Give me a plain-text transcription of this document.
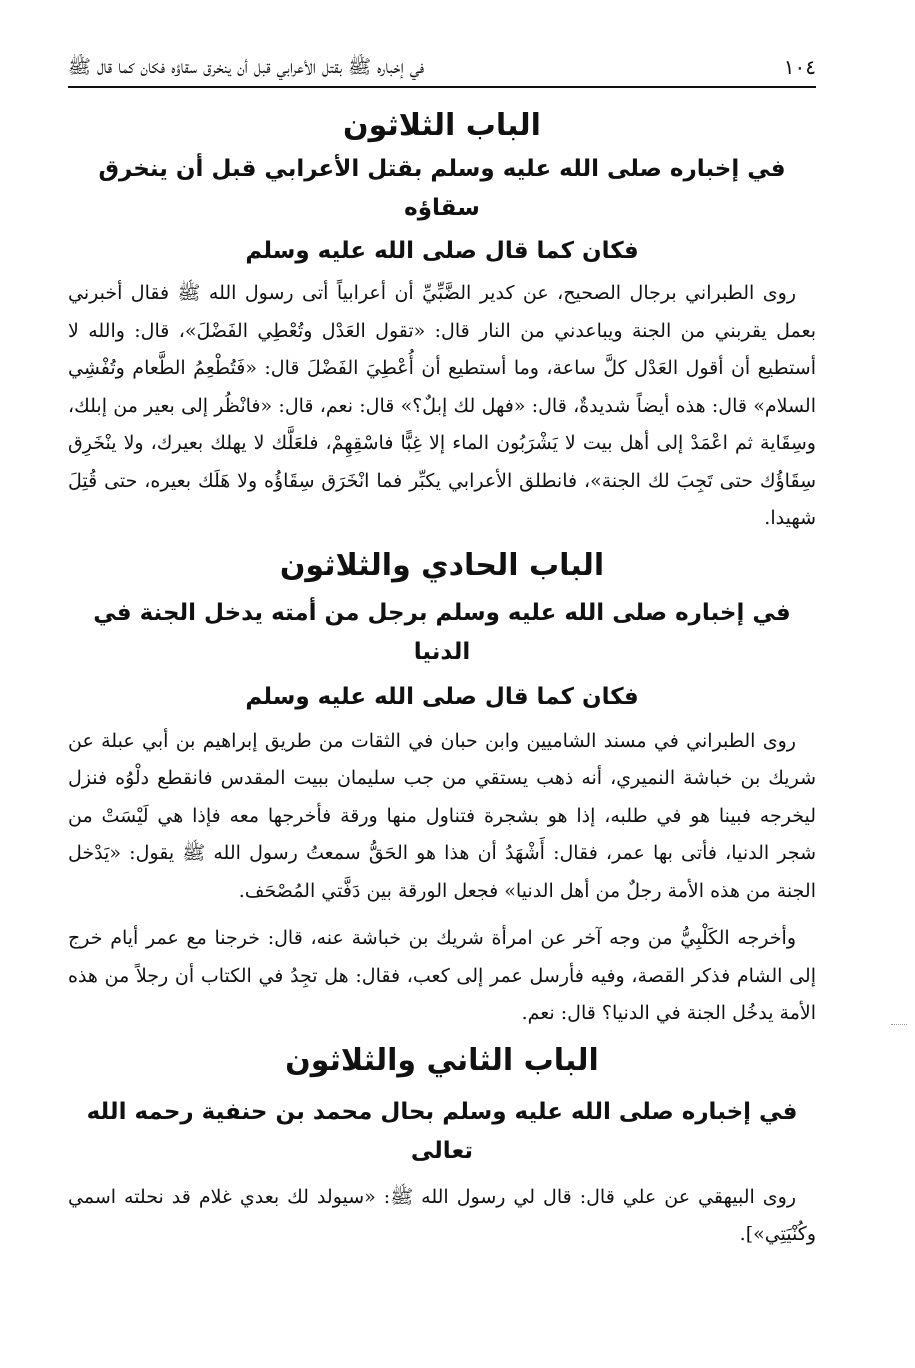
١٠٤
في إخباره ﷺ بقتل الأعرابي قبل أن ينخرق سقاؤه فكان كما قال ﷺ
الباب الثلاثون
في إخباره صلى الله عليه وسلم بقتل الأعرابي قبل أن ينخرق سقاؤه
فكان كما قال صلى الله عليه وسلم

روى الطبراني برجال الصحيح، عن كدير الضَّبِّيِّ أن أعرابياً أتى رسول الله ﷺ فقال أخبرني بعمل يقربني من الجنة ويباعدني من النار قال: «تقول العَدْل وتُعْطِي الفَضْلَ»، قال: والله لا أستطيع أن أقول العَدْل كلَّ ساعة، وما أستطيع أن أُعْطِيَ الفَضْلَ قال: «فَتُطْعِمُ الطَّعام وتُفْشِي السلام» قال: هذه أيضاً شديدةٌ، قال: «فهل لك إبلٌ؟» قال: نعم، قال: «فانْظُر إلى بعير من إبلك، وسِقَاية ثم اعْمَدْ إلى أهل بيت لا يَشْرَبُون الماء إلا غِبًّا فاسْقِهِمْ، فلعَلَّك لا يهلك بعيرك، ولا ينْخَرِق سِقَاؤُك حتى تَجِبَ لك الجنة»، فانطلق الأعرابي يكبِّر فما انْخَرَق سِقَاؤُه ولا هَلَك بعيره، حتى قُتِلَ شهيدا.

الباب الحادي والثلاثون
في إخباره صلى الله عليه وسلم برجل من أمته يدخل الجنة في الدنيا
فكان كما قال صلى الله عليه وسلم

روى الطبراني في مسند الشاميين وابن حبان في الثقات من طريق إبراهيم بن أبي عبلة عن شريك بن خباشة النميري، أنه ذهب يستقي من جب سليمان ببيت المقدس فانقطع دلْوُه فنزل ليخرجه فبينا هو في طلبه، إذا هو بشجرة فتناول منها ورقة فأخرجها معه فإذا هي لَيْسَتْ من شجر الدنيا، فأتى بها عمر، فقال: أَشْهَدُ أن هذا هو الحَقُّ سمعتُ رسول الله ﷺ يقول: «يَدْخل الجنة من هذه الأمة رجلٌ من أهل الدنيا» فجعل الورقة بين دَفَّتي المُصْحَف.

وأخرجه الكَلْبِيُّ من وجه آخر عن امرأة شريك بن خباشة عنه، قال: خرجنا مع عمر أيام خرج إلى الشام فذكر القصة، وفيه فأرسل عمر إلى كعب، فقال: هل تجِدُ في الكتاب أن رجلاً من هذه الأمة يدخُل الجنة في الدنيا؟ قال: نعم.

الباب الثاني والثلاثون
في إخباره صلى الله عليه وسلم بحال محمد بن حنفية رحمه الله تعالى

روى البيهقي عن علي قال: قال لي رسول الله ﷺ: «سيولد لك بعدي غلام قد نحلته اسمي وكُنْيَتِي»].
